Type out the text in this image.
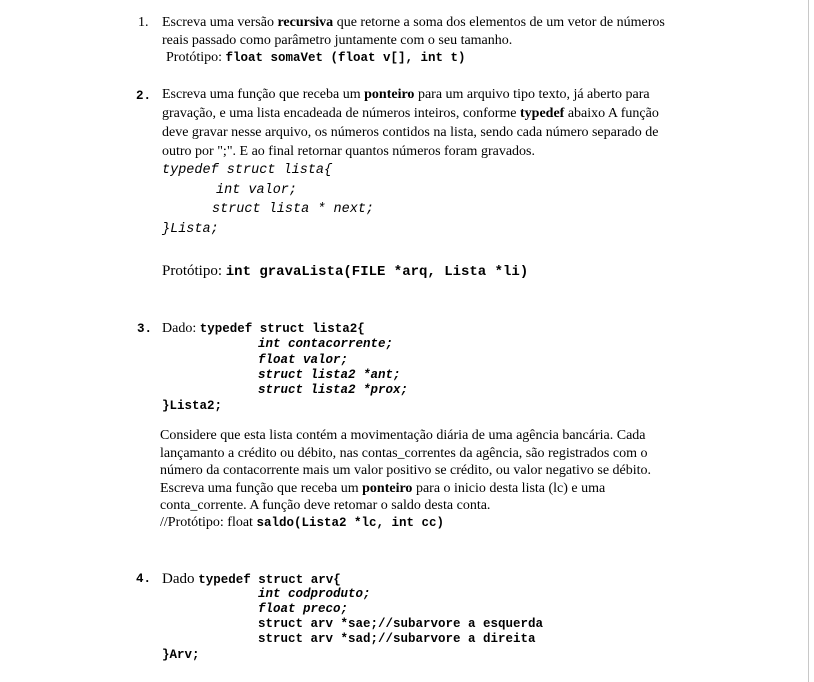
1. Escreva uma versão recursiva que retorne a soma dos elementos de um vetor de números
reais passado como parâmetro juntamente com o seu tamanho.
Protótipo: float somaVet (float v[], int t)
2. Escreva uma função que receba um ponteiro para um arquivo tipo texto, já aberto para
gravação, e uma lista encadeada de números inteiros, conforme typedef abaixo A função
deve gravar nesse arquivo, os números contidos na lista, sendo cada número separado de
outro por ";". E ao final retornar quantos números foram gravados.
typedef struct lista{
int valor;
struct lista * next;
}Lista;
Protótipo: int gravaLista(FILE *arq, Lista *li)
3. Dado: typedef struct lista2{
int contacorrente;
float valor;
struct lista2 *ant;
struct lista2 *prox;
}Lista2;
Considere que esta lista contém a movimentação diária de uma agência bancária. Cada
lançamanto a crédito ou débito, nas contas_correntes da agência, são registrados com o
número da contacorrente mais um valor positivo se crédito, ou valor negativo se débito.
Escreva uma função que receba um ponteiro para o inicio desta lista (lc) e uma
conta_corrente. A função deve retomar o saldo desta conta.
//Protótipo: float saldo(Lista2 *lc, int cc)
4. Dado typedef struct arv{
int codproduto;
float preco;
struct arv *sae;//subarvore a esquerda
struct arv *sad;//subarvore a direita
}Arv;
